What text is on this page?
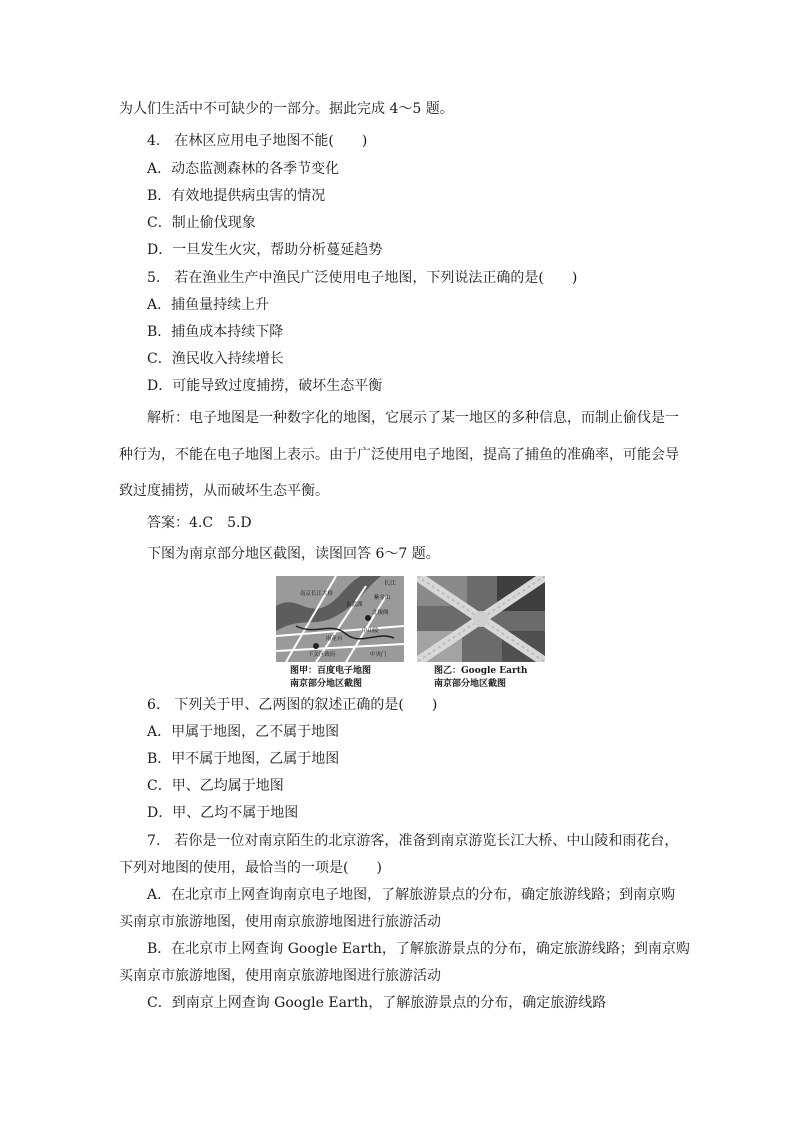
为人们生活中不可缺少的一部分。据此完成 4～5 题。
4.　在林区应用电子地图不能(　　)
A．动态监测森林的各季节变化
B．有效地提供病虫害的情况
C．制止偷伐现象
D．一旦发生火灾，帮助分析蔓延趋势
5.　若在渔业生产中渔民广泛使用电子地图，下列说法正确的是(　　)
A．捕鱼量持续上升
B．捕鱼成本持续下降
C．渔民收入持续增长
D．可能导致过度捕捞，破坏生态平衡
解析：电子地图是一种数字化的地图，它展示了某一地区的多种信息，而制止偷伐是一
种行为，不能在电子地图上表示。由于广泛使用电子地图，提高了捕鱼的准确率，可能会导
致过度捕捞，从而破坏生态平衡。
答案：4.C　5.D
下图为南京部分地区截图，读图回答 6～7 题。
长江
南京长江大桥
紫金山
玄武湖
北极阁
中山陵
雨花台
下关区政府	中央门
图甲：百度电子地图
南京部分地区截图
图乙：Google Earth
南京部分地区截图
6.　下列关于甲、乙两图的叙述正确的是(　　)
A．甲属于地图，乙不属于地图
B．甲不属于地图，乙属于地图
C．甲、乙均属于地图
D．甲、乙均不属于地图
7.　若你是一位对南京陌生的北京游客，准备到南京游览长江大桥、中山陵和雨花台，
下列对地图的使用，最恰当的一项是(　　)
A．在北京市上网查询南京电子地图，了解旅游景点的分布，确定旅游线路；到南京购
买南京市旅游地图，使用南京旅游地图进行旅游活动
B．在北京市上网查询 Google Earth，了解旅游景点的分布，确定旅游线路；到南京购
买南京市旅游地图，使用南京旅游地图进行旅游活动
C．到南京上网查询 Google Earth，了解旅游景点的分布，确定旅游线路
